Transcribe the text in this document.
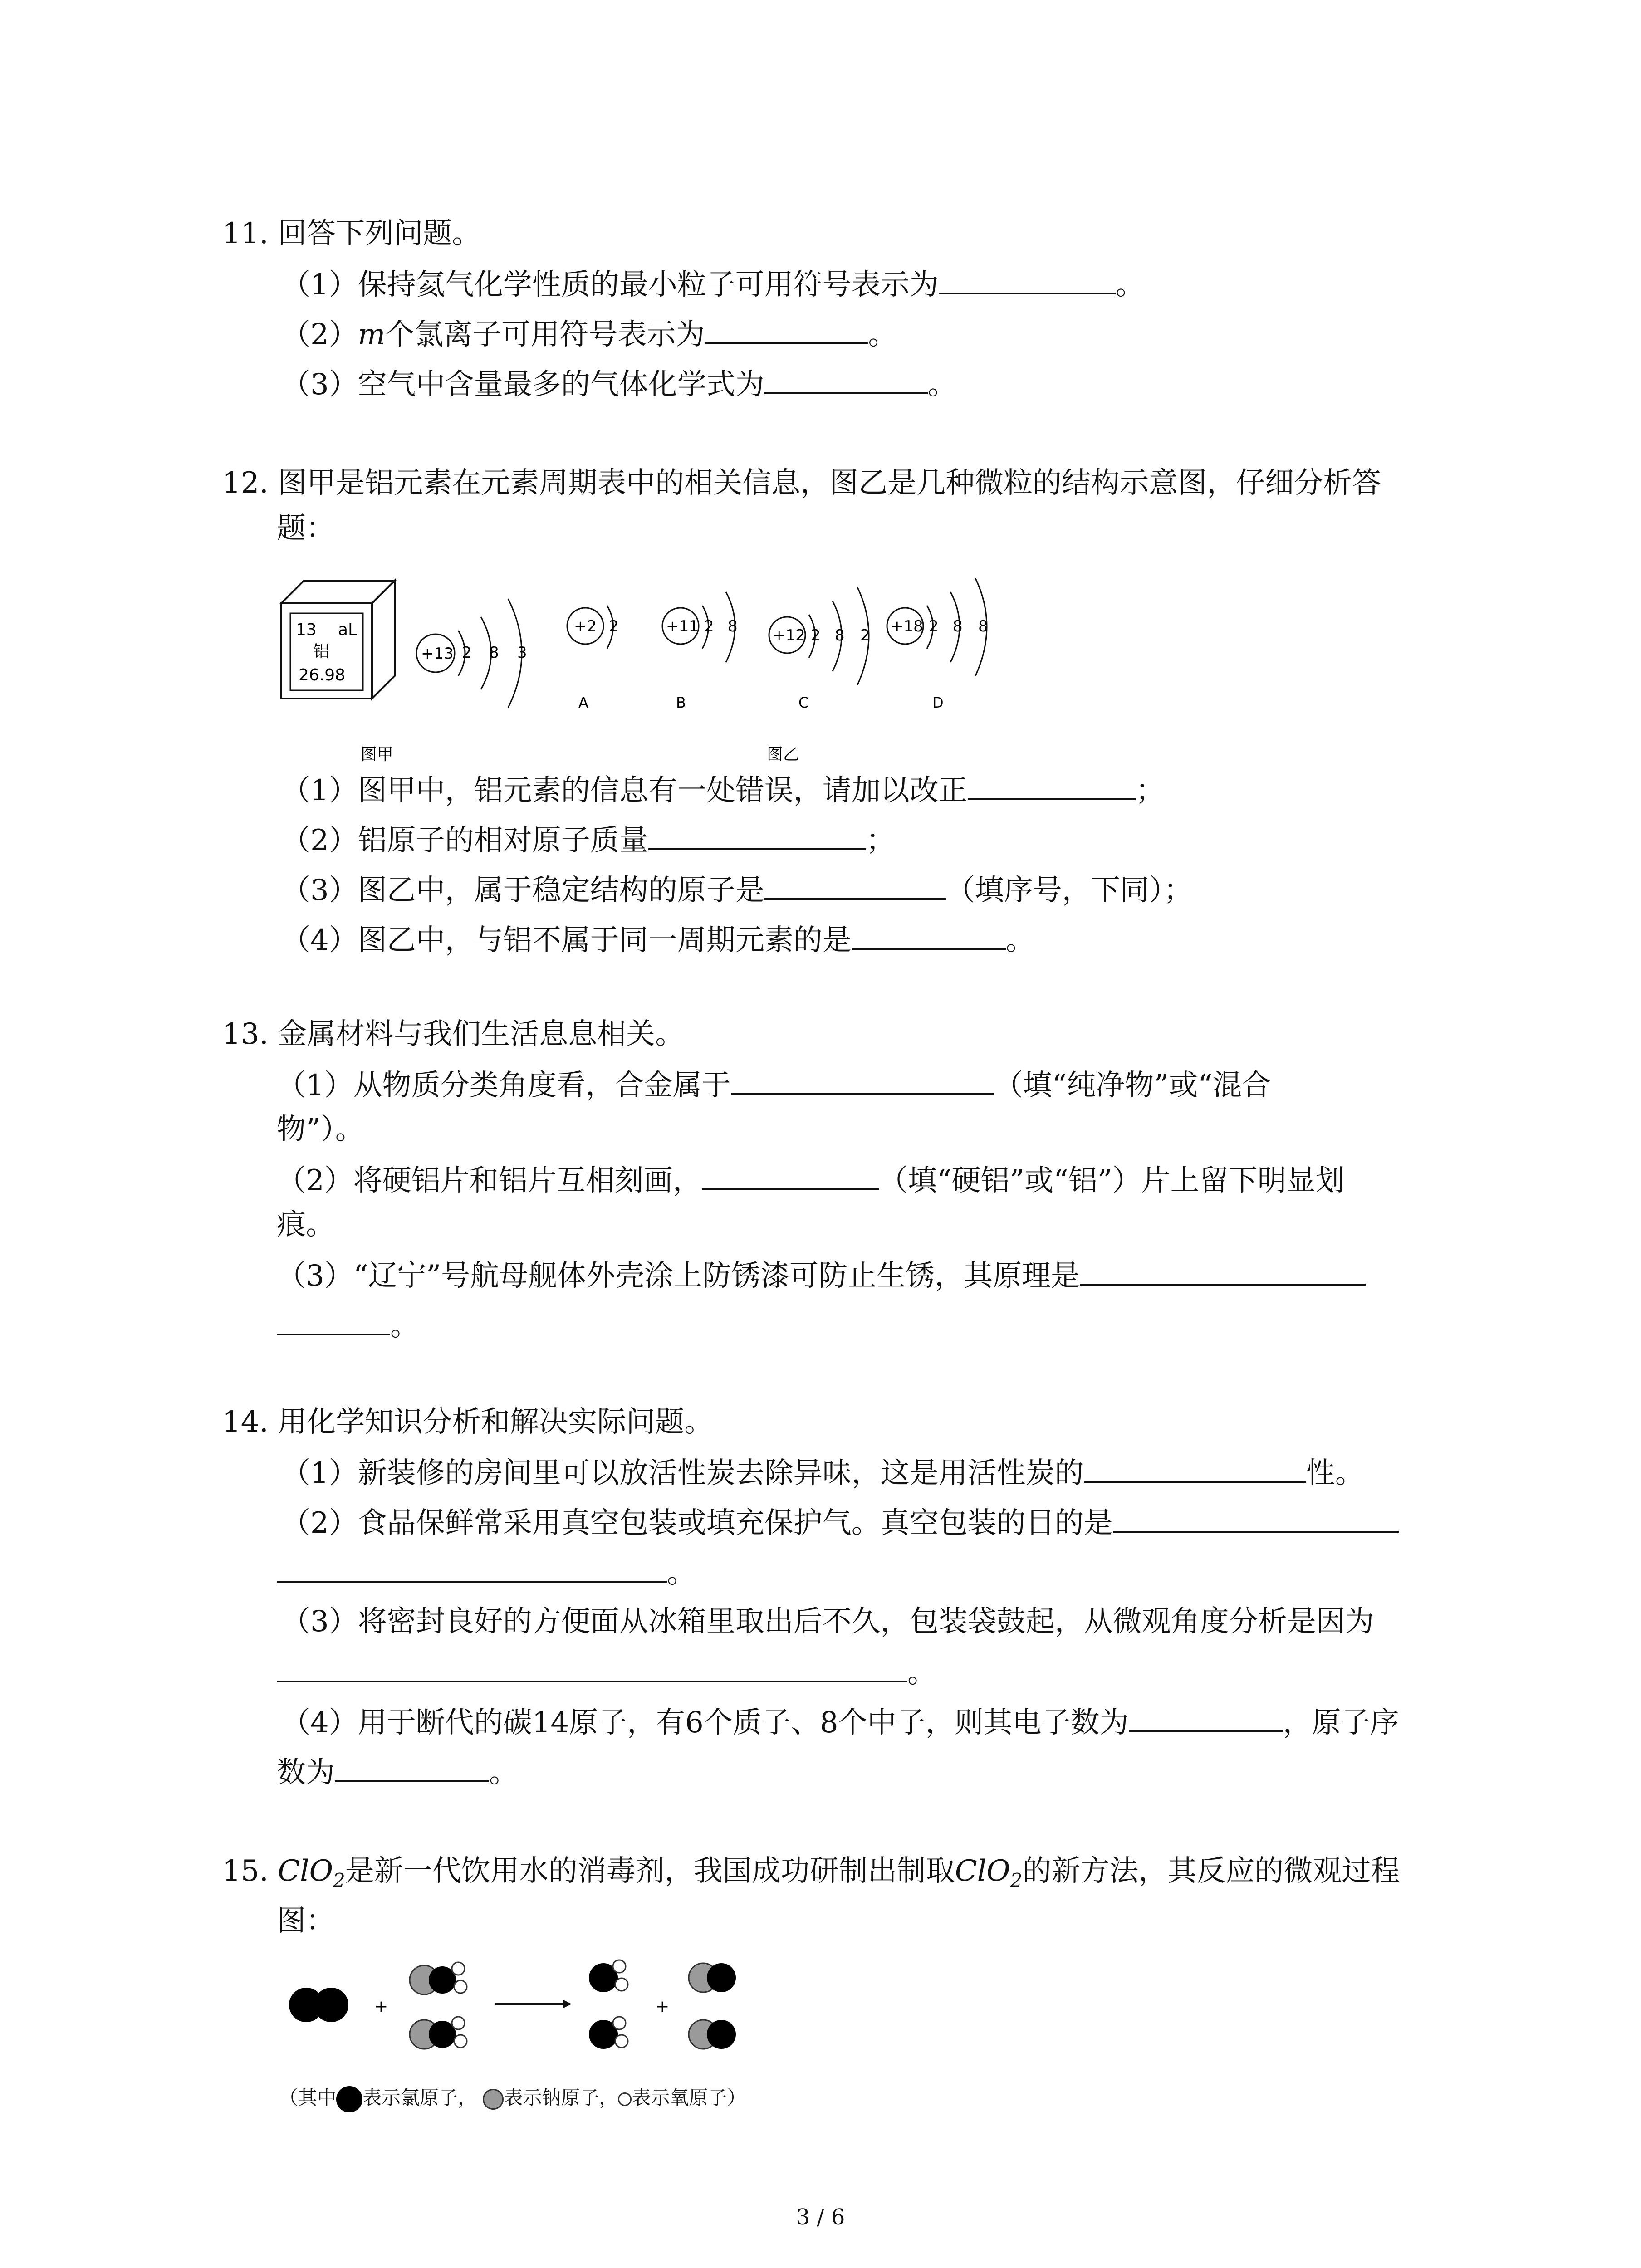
11. 回答下列问题。
（1）保持氦气化学性质的最小粒子可用符号表示为	。
（2）m个氯离子可用符号表示为	。
（3）空气中含量最多的气体化学式为	。
12. 图甲是铝元素在元素周期表中的相关信息，图乙是几种微粒的结构示意图，仔细分析答
题：
13 aL
铝
26.98
+13 2 8 3
+2 2
A
+11 2 8
B
+12 2 8 2
C
+18 2 8 8
D
图甲	图乙
（1）图甲中，铝元素的信息有一处错误，请加以改正	；
（2）铝原子的相对原子质量	；
（3）图乙中，属于稳定结构的原子是	（填序号，下同）；
（4）图乙中，与铝不属于同一周期元素的是	。
13. 金属材料与我们生活息息相关。
（1）从物质分类角度看，合金属于	（填“纯净物”或“混合
物”）。
（2）将硬铝片和铝片互相刻画，	（填“硬铝”或“铝”）片上留下明显划
痕。
（3）“辽宁”号航母舰体外壳涂上防锈漆可防止生锈，其原理是
。
14. 用化学知识分析和解决实际问题。
（1）新装修的房间里可以放活性炭去除异味，这是用活性炭的	性。
（2）食品保鲜常采用真空包装或填充保护气。真空包装的目的是
。
（3）将密封良好的方便面从冰箱里取出后不久，包装袋鼓起，从微观角度分析是因为
。
（4）用于断代的碳14原子，有6个质子、8个中子，则其电子数为	，原子序
数为	。
15. ClO$_2$是新一代饮用水的消毒剂，我国成功研制出制取ClO$_2$的新方法，其反应的微观过程
图：
+	+
（其中 表示氯原子， 表示钠原子， 表示氧原子）
3 / 6
